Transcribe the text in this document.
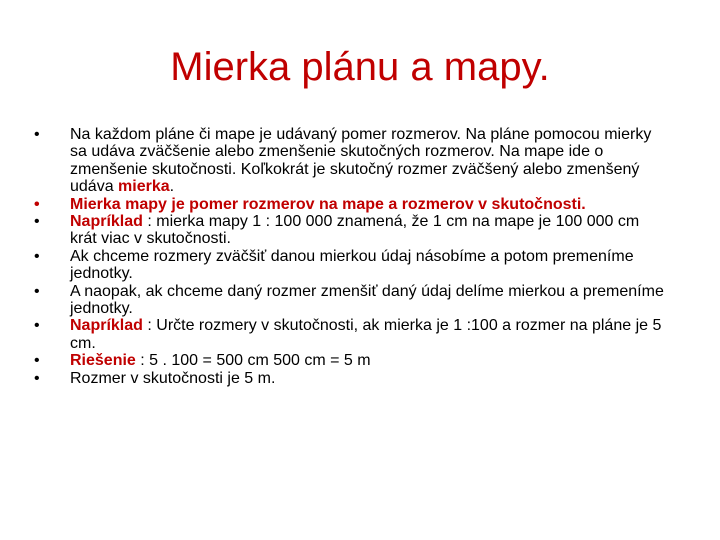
Mierka plánu a mapy.
• Na každom pláne či mape je udávaný pomer rozmerov. Na pláne pomocou mierky sa udáva zväčšenie alebo zmenšenie skutočných rozmerov. Na mape ide o zmenšenie skutočnosti. Koľkokrát je skutočný rozmer zväčšený alebo zmenšený udáva mierka.
• Mierka mapy je pomer rozmerov na mape a rozmerov v skutočnosti.
• Napríklad : mierka mapy 1 : 100 000 znamená, že 1 cm na mape je 100 000 cm krát viac v skutočnosti.
• Ak chceme rozmery zväčšiť danou mierkou údaj násobíme a potom premeníme jednotky.
• A naopak, ak chceme daný rozmer zmenšiť daný údaj delíme mierkou a premeníme jednotky.
• Napríklad : Určte rozmery v skutočnosti, ak mierka je 1 :100 a rozmer na pláne je 5 cm.
• Riešenie : 5 . 100 = 500 cm 500 cm = 5 m
• Rozmer v skutočnosti je 5 m.
